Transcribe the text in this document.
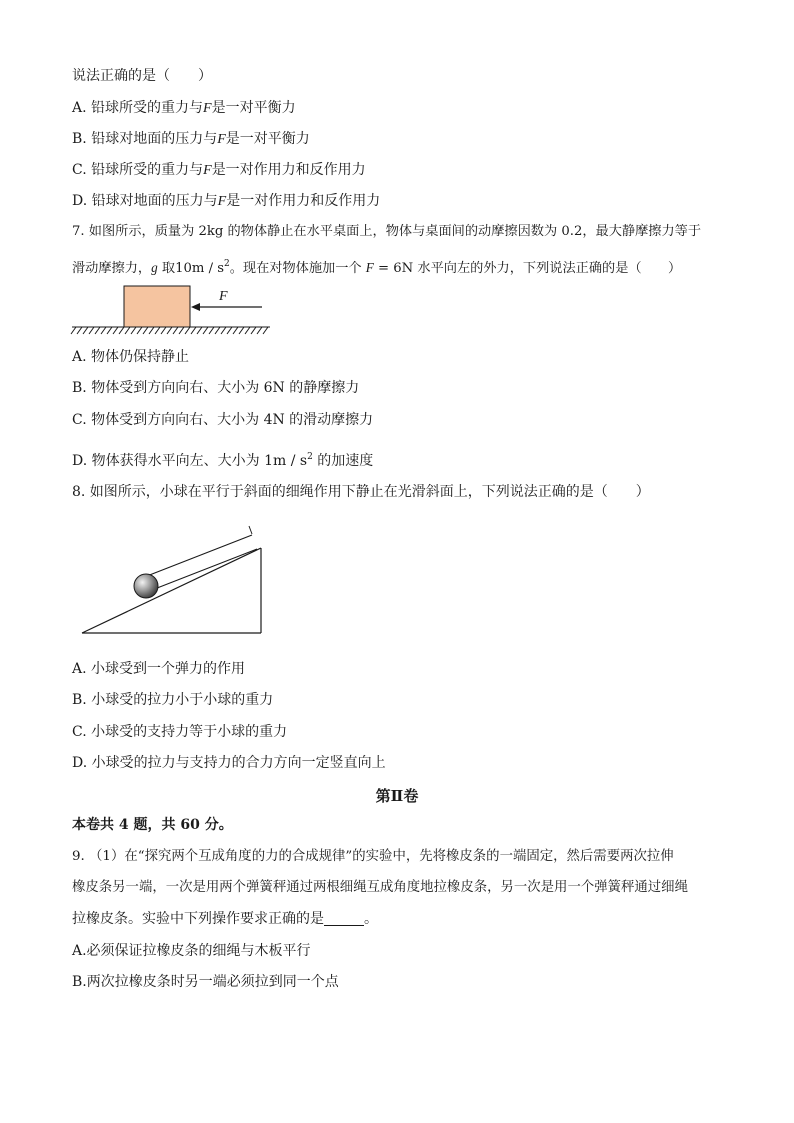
说法正确的是（　　）
A. 铅球所受的重力与F是一对平衡力
B. 铅球对地面的压力与F是一对平衡力
C. 铅球所受的重力与F是一对作用力和反作用力
D. 铅球对地面的压力与F是一对作用力和反作用力
7. 如图所示，质量为 2kg 的物体静止在水平桌面上，物体与桌面间的动摩擦因数为 0.2，最大静摩擦力等于
滑动摩擦力，g 取$10m / s^2$。现在对物体施加一个 F = 6N 水平向左的外力，下列说法正确的是（　　）
F
A. 物体仍保持静止
B. 物体受到方向向右、大小为 6N 的静摩擦力
C. 物体受到方向向右、大小为 4N 的滑动摩擦力
D. 物体获得水平向左、大小为 $1m / s^2$ 的加速度
8. 如图所示，小球在平行于斜面的细绳作用下静止在光滑斜面上，下列说法正确的是（　　）
A. 小球受到一个弹力的作用
B. 小球受的拉力小于小球的重力
C. 小球受的支持力等于小球的重力
D. 小球受的拉力与支持力的合力方向一定竖直向上
第Ⅱ卷
本卷共 4 题，共 60 分。
9. （1）在“探究两个互成角度的力的合成规律”的实验中，先将橡皮条的一端固定，然后需要两次拉伸
橡皮条另一端，一次是用两个弹簧秤通过两根细绳互成角度地拉橡皮条，另一次是用一个弹簧秤通过细绳
拉橡皮条。实验中下列操作要求正确的是	。
A.必须保证拉橡皮条的细绳与木板平行
B.两次拉橡皮条时另一端必须拉到同一个点
